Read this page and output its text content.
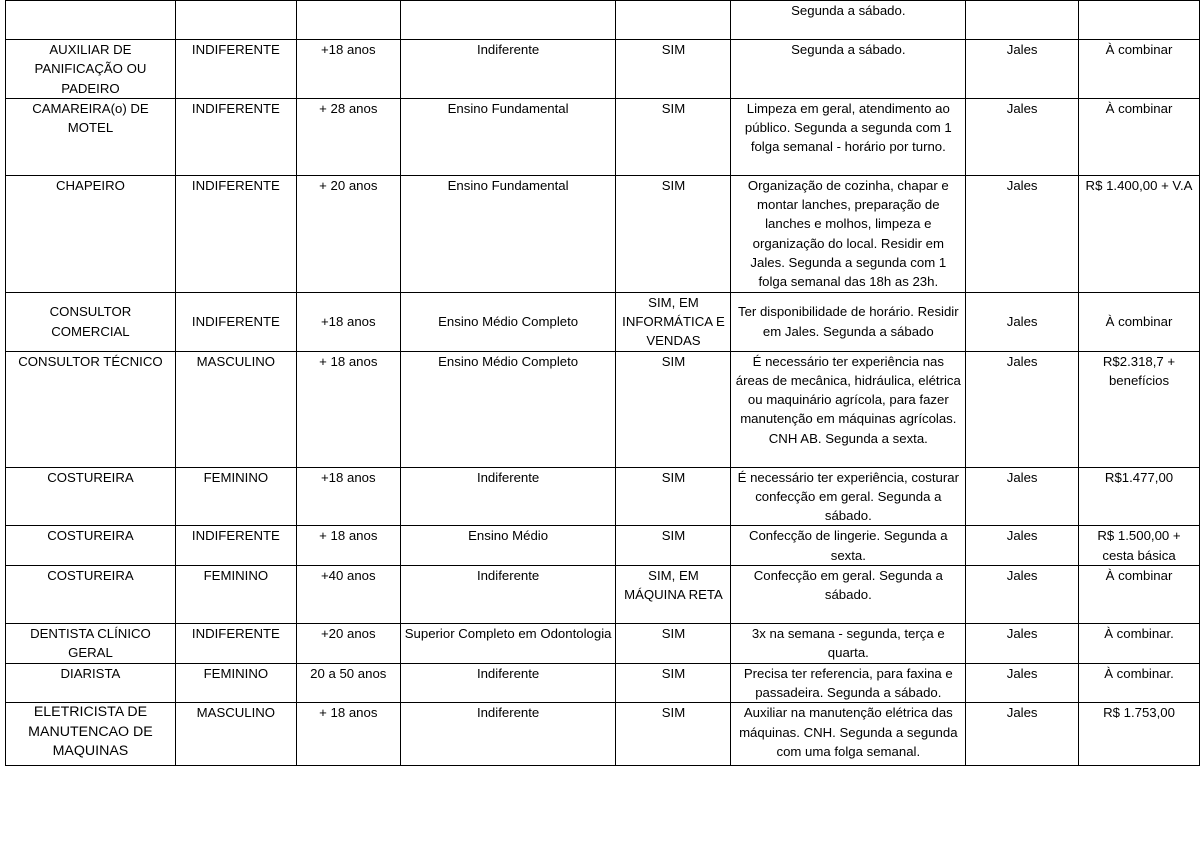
					Segunda a sábado.		
AUXILIAR DE PANIFICAÇÃO OU PADEIRO	INDIFERENTE	+18 anos	Indiferente	SIM	Segunda a sábado.	Jales	À combinar
CAMAREIRA(o) DE MOTEL	INDIFERENTE	+ 28 anos	Ensino Fundamental	SIM	Limpeza em geral, atendimento ao público. Segunda a segunda com 1 folga semanal - horário por turno.	Jales	À combinar
CHAPEIRO	INDIFERENTE	+ 20 anos	Ensino Fundamental	SIM	Organização de cozinha, chapar e montar lanches, preparação de lanches e molhos, limpeza e organização do local. Residir em Jales. Segunda a segunda com 1 folga semanal das 18h as 23h.	Jales	R$ 1.400,00 + V.A
CONSULTOR COMERCIAL	INDIFERENTE	+18 anos	Ensino Médio Completo	SIM, EM INFORMÁTICA E VENDAS	Ter disponibilidade de horário. Residir em Jales. Segunda a sábado	Jales	À combinar
CONSULTOR TÉCNICO	MASCULINO	+ 18 anos	Ensino Médio Completo	SIM	É necessário ter experiência nas áreas de mecânica, hidráulica, elétrica ou maquinário agrícola, para fazer manutenção em máquinas agrícolas. CNH AB. Segunda a sexta.	Jales	R$2.318,7 + benefícios
COSTUREIRA	FEMININO	+18 anos	Indiferente	SIM	É necessário ter experiência, costurar confecção em geral. Segunda a sábado.	Jales	R$1.477,00
COSTUREIRA	INDIFERENTE	+ 18 anos	Ensino Médio	SIM	Confecção de lingerie. Segunda a sexta.	Jales	R$ 1.500,00 + cesta básica
COSTUREIRA	FEMININO	+40 anos	Indiferente	SIM, EM MÁQUINA RETA	Confecção em geral. Segunda a sábado.	Jales	À combinar
DENTISTA CLÍNICO GERAL	INDIFERENTE	+20 anos	Superior Completo em Odontologia	SIM	3x na semana - segunda, terça e quarta.	Jales	À combinar.
DIARISTA	FEMININO	20 a 50 anos	Indiferente	SIM	Precisa ter referencia, para faxina e passadeira. Segunda a sábado.	Jales	À combinar.
ELETRICISTA DE MANUTENCAO DE MAQUINAS	MASCULINO	+ 18 anos	Indiferente	SIM	Auxiliar na manutenção elétrica das máquinas. CNH. Segunda a segunda com uma folga semanal.	Jales	R$ 1.753,00
